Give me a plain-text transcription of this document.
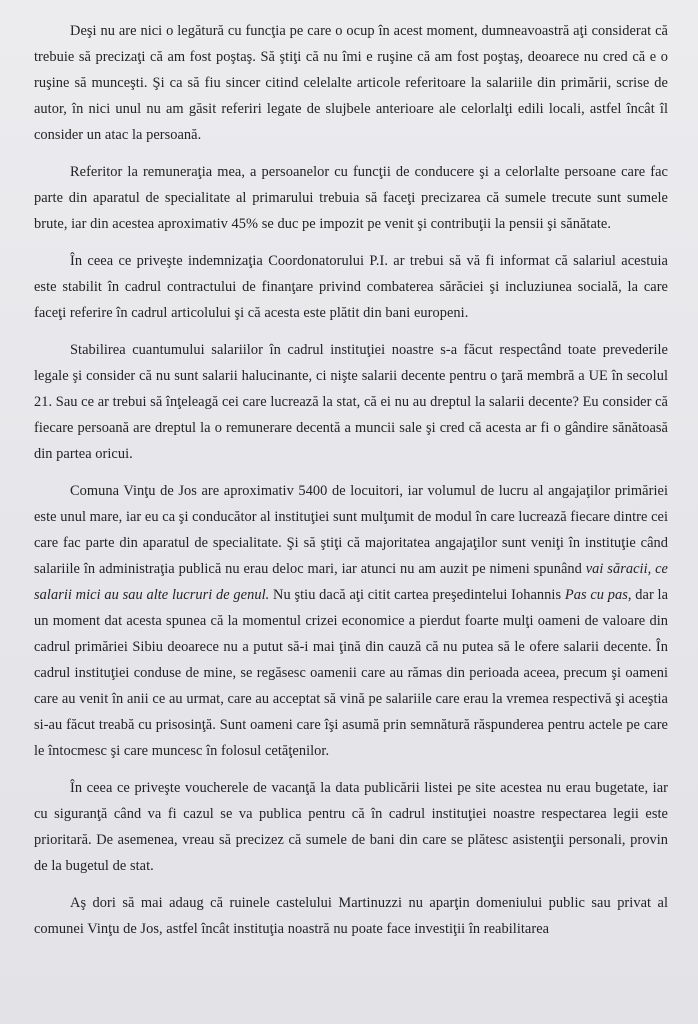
Deşi nu are nici o legătură cu funcţia pe care o ocup în acest moment, dumneavoastră aţi considerat că trebuie să precizaţi că am fost poştaş. Să ştiţi că nu îmi e ruşine că am fost poştaş, deoarece nu cred că e o ruşine să munceşti. Şi ca să fiu sincer citind celelalte articole referitoare la salariile din primării, scrise de autor, în nici unul nu am găsit referiri legate de slujbele anterioare ale celorlalţi edili locali, astfel încât îl consider un atac la persoană.

Referitor la remuneraţia mea, a persoanelor cu funcţii de conducere şi a celorlalte persoane care fac parte din aparatul de specialitate al primarului trebuia să faceţi precizarea că sumele trecute sunt sumele brute, iar din acestea aproximativ 45% se duc pe impozit pe venit şi contribuţii la pensii şi sănătate.

În ceea ce priveşte indemnizaţia Coordonatorului P.I. ar trebui să vă fi informat că salariul acestuia este stabilit în cadrul contractului de finanţare privind combaterea sărăciei şi incluziunea socială, la care faceţi referire în cadrul articolului şi că acesta este plătit din bani europeni.

Stabilirea cuantumului salariilor în cadrul instituţiei noastre s-a făcut respectând toate prevederile legale şi consider că nu sunt salarii halucinante, ci nişte salarii decente pentru o ţară membră a UE în secolul 21. Sau ce ar trebui să înţeleagă cei care lucrează la stat, că ei nu au dreptul la salarii decente? Eu consider că fiecare persoană are dreptul la o remunerare decentă a muncii sale şi cred că acesta ar fi o gândire sănătoasă din partea oricui.

Comuna Vinţu de Jos are aproximativ 5400 de locuitori, iar volumul de lucru al angajaţilor primăriei este unul mare, iar eu ca şi conducător al instituţiei sunt mulţumit de modul în care lucrează fiecare dintre cei care fac parte din aparatul de specialitate. Şi să ştiţi că majoritatea angajaţilor sunt veniţi în instituţie când salariile în administraţia publică nu erau deloc mari, iar atunci nu am auzit pe nimeni spunând vai săracii, ce salarii mici au sau alte lucruri de genul. Nu ştiu dacă aţi citit cartea preşedintelui Iohannis Pas cu pas, dar la un moment dat acesta spunea că la momentul crizei economice a pierdut foarte mulţi oameni de valoare din cadrul primăriei Sibiu deoarece nu a putut să-i mai ţină din cauză că nu putea să le ofere salarii decente. În cadrul instituţiei conduse de mine, se regăsesc oamenii care au rămas din perioada aceea, precum şi oameni care au venit în anii ce au urmat, care au acceptat să vină pe salariile care erau la vremea respectivă şi aceştia si-au făcut treabă cu prisosinţă. Sunt oameni care îşi asumă prin semnătură răspunderea pentru actele pe care le întocmesc şi care muncesc în folosul cetăţenilor.

În ceea ce priveşte voucherele de vacanţă la data publicării listei pe site acestea nu erau bugetate, iar cu siguranţă când va fi cazul se va publica pentru că în cadrul instituţiei noastre respectarea legii este prioritară. De asemenea, vreau să precizez că sumele de bani din care se plătesc asistenţii personali, provin de la bugetul de stat.

Aş dori să mai adaug că ruinele castelului Martinuzzi nu aparţin domeniului public sau privat al comunei Vinţu de Jos, astfel încât instituţia noastră nu poate face investiţii în reabilitarea
